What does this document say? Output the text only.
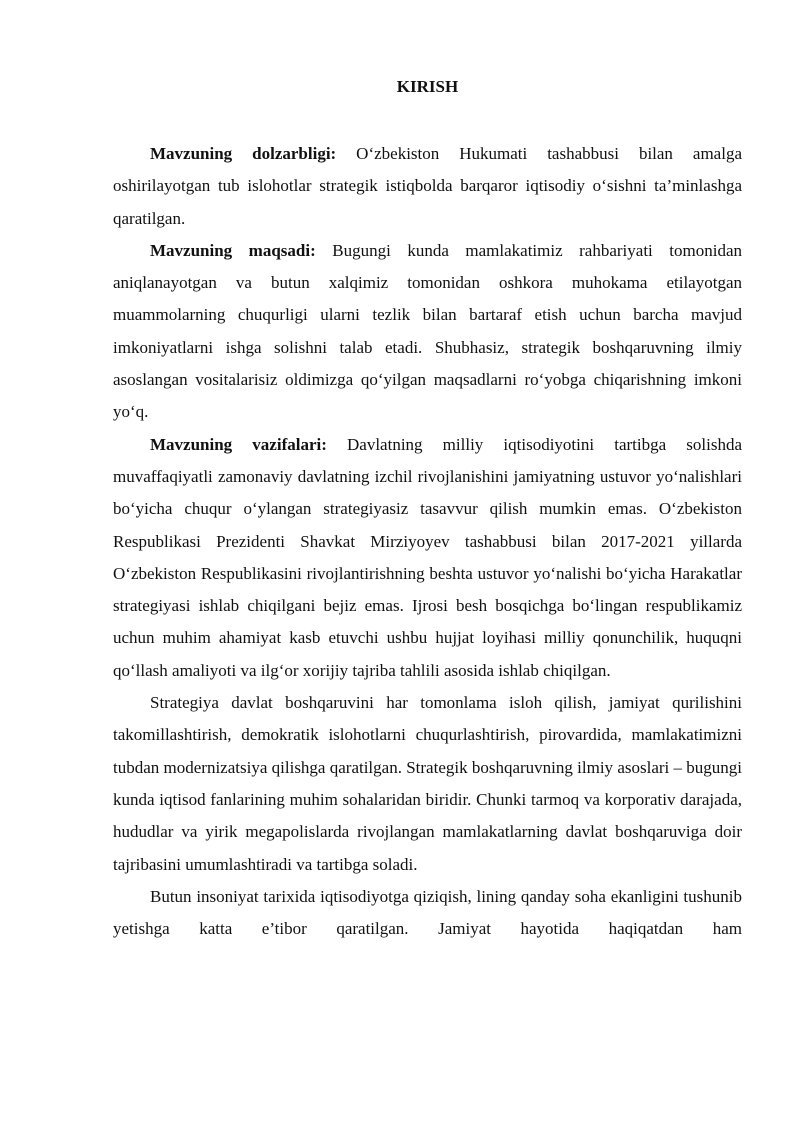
KIRISH

Mavzuning dolzarbligi: O‘zbekiston Hukumati tashabbusi bilan amalga oshirilayotgan tub islohotlar strategik istiqbolda barqaror iqtisodiy o‘sishni ta’minlashga qaratilgan.

Mavzuning maqsadi: Bugungi kunda mamlakatimiz rahbariyati tomonidan aniqlanayotgan va butun xalqimiz tomonidan oshkora muhokama etilayotgan muammolarning chuqurligi ularni tezlik bilan bartaraf etish uchun barcha mavjud imkoniyatlarni ishga solishni talab etadi. Shubhasiz, strategik boshqaruvning ilmiy asoslangan vositalarisiz oldimizga qo‘yilgan maqsadlarni ro‘yobga chiqarishning imkoni yo‘q.

Mavzuning vazifalari: Davlatning milliy iqtisodiyotini tartibga solishda muvaffaqiyatli zamonaviy davlatning izchil rivojlanishini jamiyatning ustuvor yo‘nalishlari bo‘yicha chuqur o‘ylangan strategiyasiz tasavvur qilish mumkin emas. O‘zbekiston Respublikasi Prezidenti Shavkat Mirziyoyev tashabbusi bilan 2017-2021 yillarda O‘zbekiston Respublikasini rivojlantirishning beshta ustuvor yo‘nalishi bo‘yicha Harakatlar strategiyasi ishlab chiqilgani bejiz emas. Ijrosi besh bosqichga bo‘lingan respublikamiz uchun muhim ahamiyat kasb etuvchi ushbu hujjat loyihasi milliy qonunchilik, huquqni qo‘llash amaliyoti va ilg‘or xorijiy tajriba tahlili asosida ishlab chiqilgan.

Strategiya davlat boshqaruvini har tomonlama isloh qilish, jamiyat qurilishini takomillashtirish, demokratik islohotlarni chuqurlashtirish, pirovardida, mamlakatimizni tubdan modernizatsiya qilishga qaratilgan. Strategik boshqaruvning ilmiy asoslari – bugungi kunda iqtisod fanlarining muhim sohalaridan biridir. Chunki tarmoq va korporativ darajada, hududlar va yirik megapolislarda rivojlangan mamlakatlarning davlat boshqaruviga doir tajribasini umumlashtiradi va tartibga soladi.

Butun insoniyat tarixida iqtisodiyotga qiziqish, lining qanday soha ekanligini tushunib yetishga katta e’tibor qaratilgan. Jamiyat hayotida haqiqatdan ham
